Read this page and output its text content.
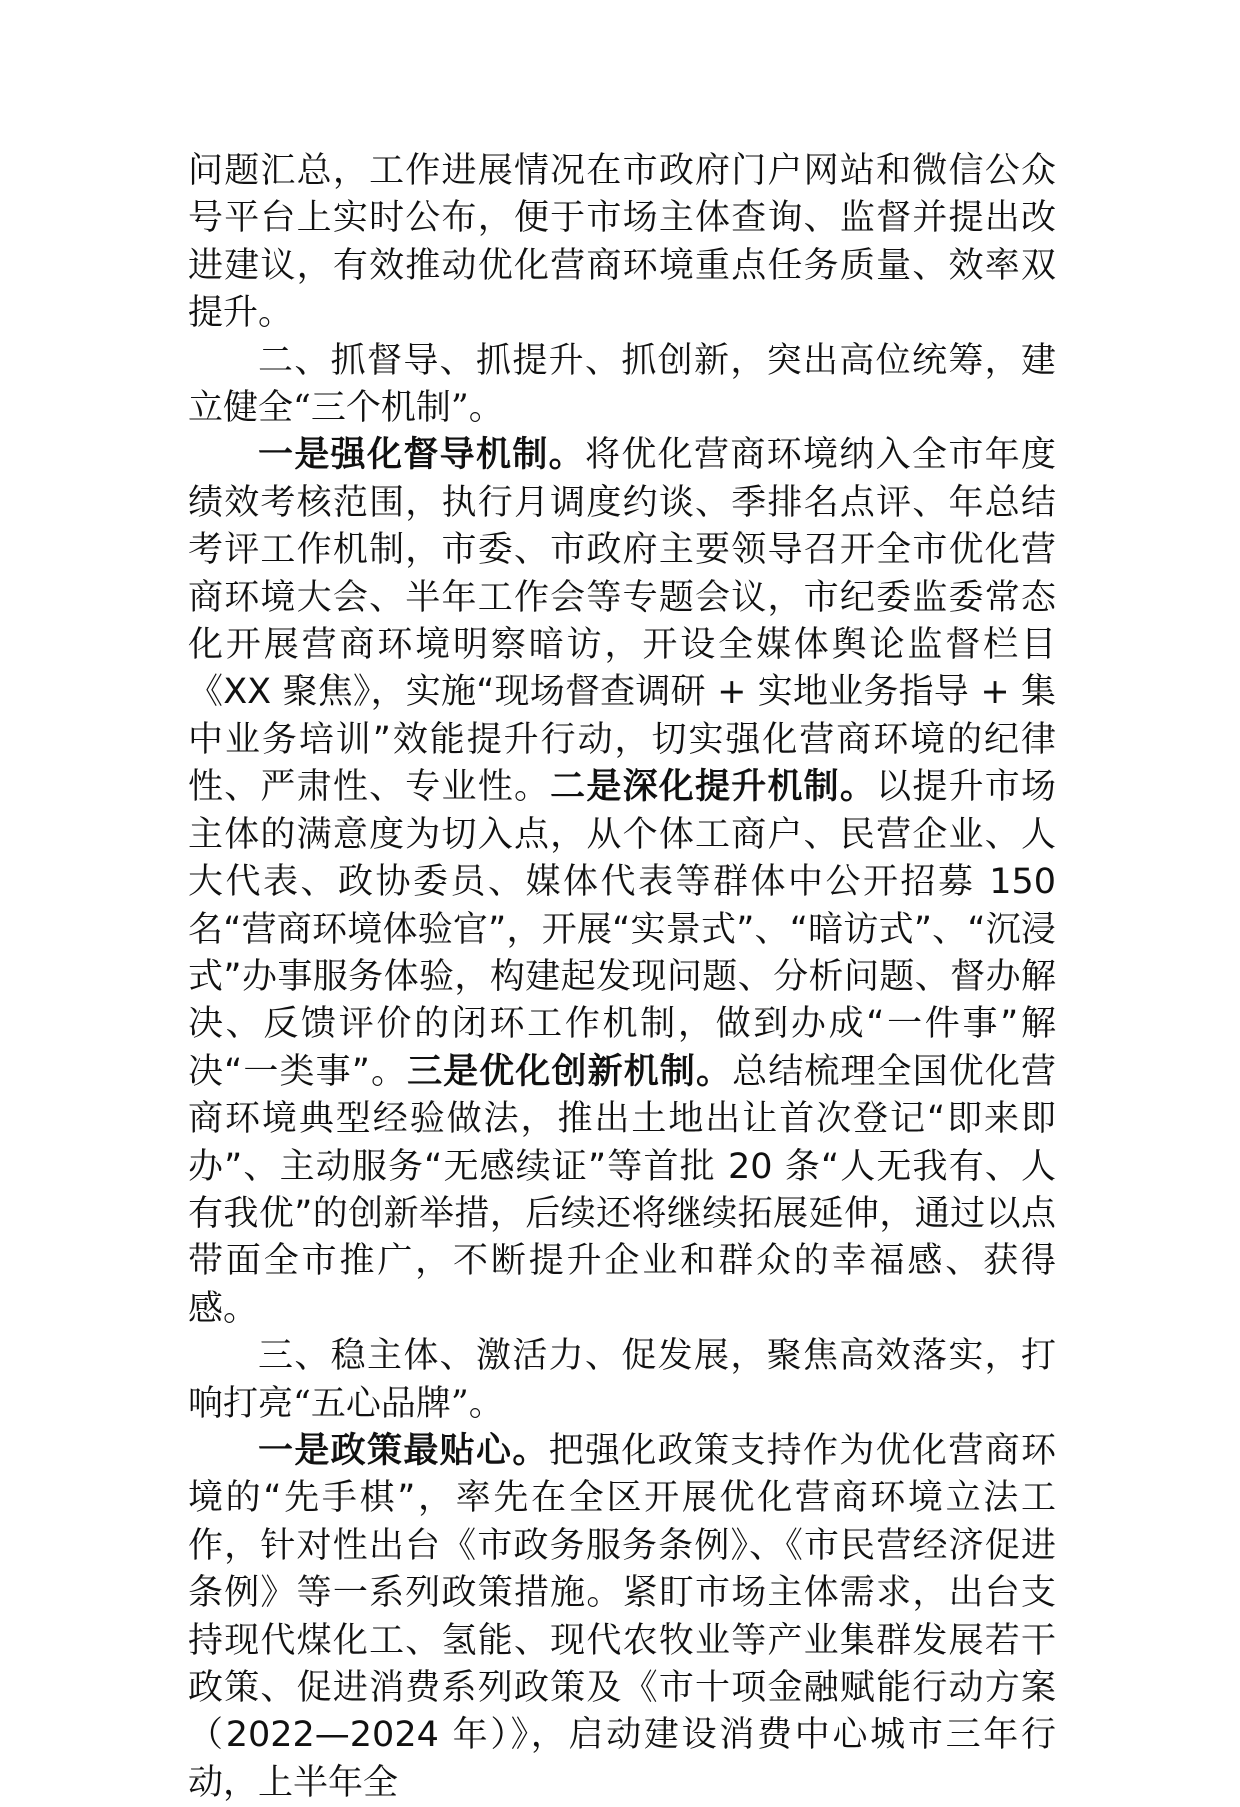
问题汇总，工作进展情况在市政府门户网站和微信公众号平台上实时公布，便于市场主体查询、监督并提出改进建议，有效推动优化营商环境重点任务质量、效率双提升。

二、抓督导、抓提升、抓创新，突出高位统筹，建立健全“三个机制”。

一是强化督导机制。将优化营商环境纳入全市年度绩效考核范围，执行月调度约谈、季排名点评、年总结考评工作机制，市委、市政府主要领导召开全市优化营商环境大会、半年工作会等专题会议，市纪委监委常态化开展营商环境明察暗访，开设全媒体舆论监督栏目《XX 聚焦》，实施“现场督查调研 + 实地业务指导 + 集中业务培训”效能提升行动，切实强化营商环境的纪律性、严肃性、专业性。二是深化提升机制。以提升市场主体的满意度为切入点，从个体工商户、民营企业、人大代表、政协委员、媒体代表等群体中公开招募 150 名“营商环境体验官”，开展“实景式”、“暗访式”、“沉浸式”办事服务体验，构建起发现问题、分析问题、督办解决、反馈评价的闭环工作机制，做到办成“一件事”解决“一类事”。三是优化创新机制。总结梳理全国优化营商环境典型经验做法，推出土地出让首次登记“即来即办”、主动服务“无感续证”等首批 20 条“人无我有、人有我优”的创新举措，后续还将继续拓展延伸，通过以点带面全市推广，不断提升企业和群众的幸福感、获得感。

三、稳主体、激活力、促发展，聚焦高效落实，打响打亮“五心品牌”。

一是政策最贴心。把强化政策支持作为优化营商环境的“先手棋”，率先在全区开展优化营商环境立法工作，针对性出台《市政务服务条例》、《市民营经济促进条例》等一系列政策措施。紧盯市场主体需求，出台支持现代煤化工、氢能、现代农牧业等产业集群发展若干政策、促进消费系列政策及《市十项金融赋能行动方案（2022—2024 年）》，启动建设消费中心城市三年行动，上半年全
